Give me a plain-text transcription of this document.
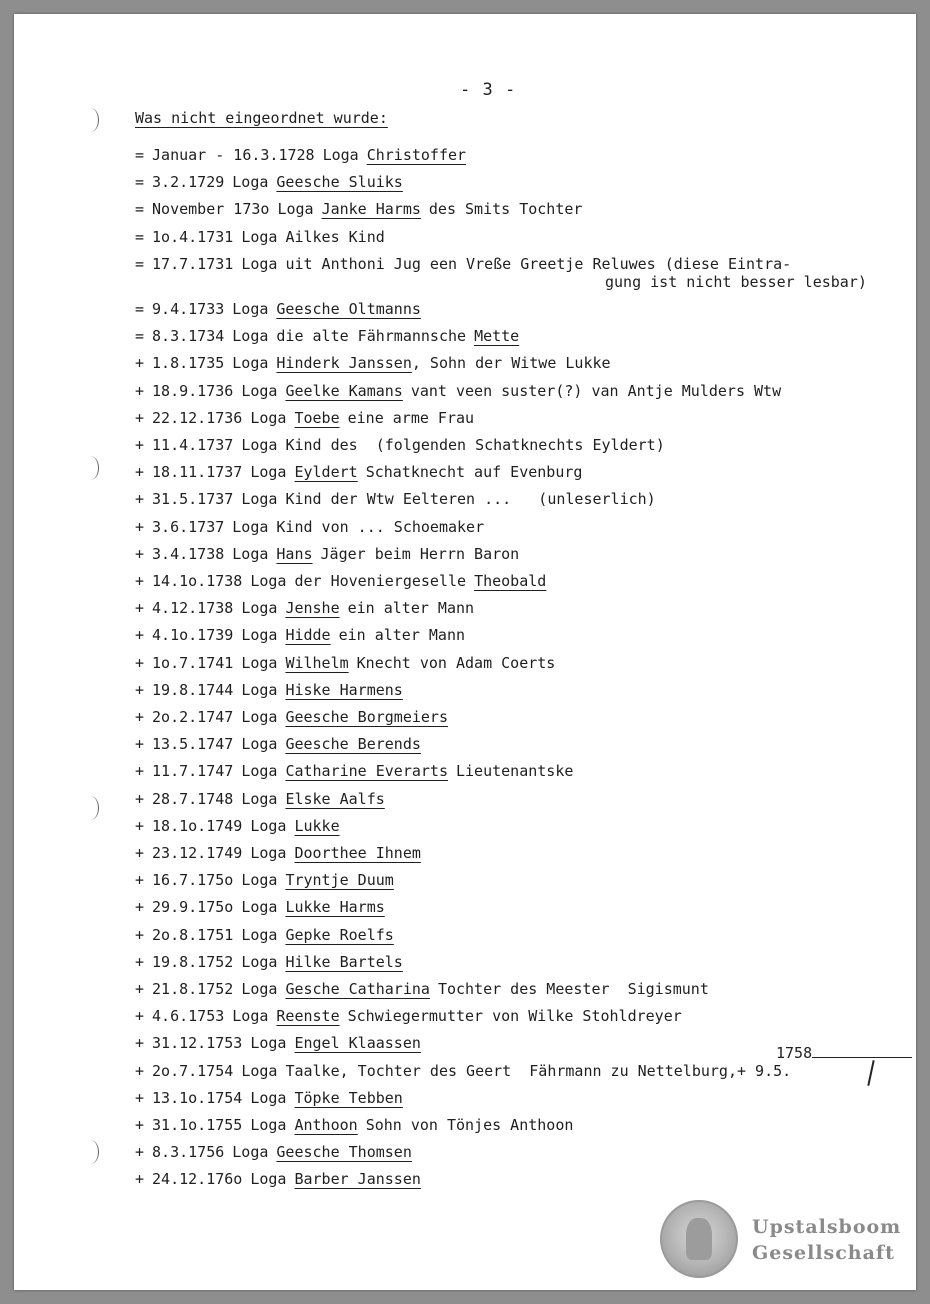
- 3 -
Was nicht eingeordnet wurde:
= Januar - 16.3.1728 Loga Christoffer
= 3.2.1729 Loga Geesche Sluiks
= November 173o Loga Janke Harms des Smits Tochter
= 1o.4.1731 Loga Ailkes Kind
= 17.7.1731 Loga uit Anthoni Jug een Vreße Greetje Reluwes (diese Eintra-
gung ist nicht besser lesbar)
= 9.4.1733 Loga Geesche Oltmanns
= 8.3.1734 Loga die alte Fährmannsche Mette
+ 1.8.1735 Loga Hinderk Janssen, Sohn der Witwe Lukke
+ 18.9.1736 Loga Geelke Kamans vant veen suster(?) van Antje Mulders Wtw
+ 22.12.1736 Loga Toebe eine arme Frau
+ 11.4.1737 Loga Kind des  (folgenden Schatknechts Eyldert)
+ 18.11.1737 Loga Eyldert Schatknecht auf Evenburg
+ 31.5.1737 Loga Kind der Wtw Eelteren ...   (unleserlich)
+ 3.6.1737 Loga Kind von ... Schoemaker
+ 3.4.1738 Loga Hans Jäger beim Herrn Baron
+ 14.1o.1738 Loga der Hoveniergeselle Theobald
+ 4.12.1738 Loga Jenshe ein alter Mann
+ 4.1o.1739 Loga Hidde ein alter Mann
+ 1o.7.1741 Loga Wilhelm Knecht von Adam Coerts
+ 19.8.1744 Loga Hiske Harmens
+ 2o.2.1747 Loga Geesche Borgmeiers
+ 13.5.1747 Loga Geesche Berends
+ 11.7.1747 Loga Catharine Everarts Lieutenantske
+ 28.7.1748 Loga Elske Aalfs
+ 18.1o.1749 Loga Lukke
+ 23.12.1749 Loga Doorthee Ihnem
+ 16.7.175o Loga Tryntje Duum
+ 29.9.175o Loga Lukke Harms
+ 2o.8.1751 Loga Gepke Roelfs
+ 19.8.1752 Loga Hilke Bartels
+ 21.8.1752 Loga Gesche Catharina Tochter des Meester  Sigismunt
+ 4.6.1753 Loga Reenste Schwiegermutter von Wilke Stohldreyer
+ 31.12.1753 Loga Engel Klaassen
+ 2o.7.1754 Loga Taalke, Tochter des Geert  Fährmann zu Nettelburg,+ 9.5.
+ 13.1o.1754 Loga Töpke Tebben
+ 31.1o.1755 Loga Anthoon Sohn von Tönjes Anthoon
+ 8.3.1756 Loga Geesche Thomsen
+ 24.12.176o Loga Barber Janssen
1758
Upstalsboom
Gesellschaft
